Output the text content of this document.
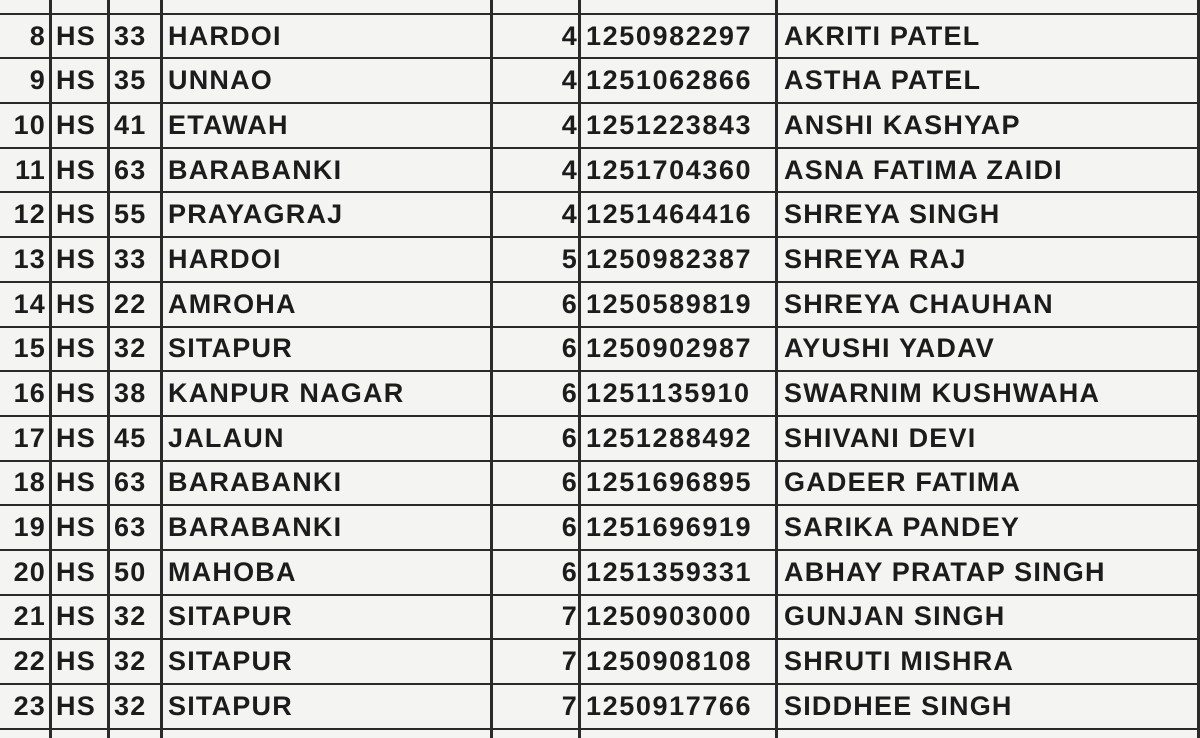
8 HS 33 HARDOI	4 1250982297	AKRITI PATEL
9 HS 35 UNNAO	4 1251062866	ASTHA PATEL
10 HS 41 ETAWAH	4 1251223843	ANSHI KASHYAP
11 HS 63 BARABANKI	4 1251704360	ASNA FATIMA ZAIDI
12 HS 55 PRAYAGRAJ	4 1251464416	SHREYA SINGH
13 HS 33 HARDOI	5 1250982387	SHREYA RAJ
14 HS 22 AMROHA	6 1250589819	SHREYA CHAUHAN
15 HS 32 SITAPUR	6 1250902987	AYUSHI YADAV
16 HS 38 KANPUR NAGAR	6 1251135910	SWARNIM KUSHWAHA
17 HS 45 JALAUN	6 1251288492	SHIVANI DEVI
18 HS 63 BARABANKI	6 1251696895	GADEER FATIMA
19 HS 63 BARABANKI	6 1251696919	SARIKA PANDEY
20 HS 50 MAHOBA	6 1251359331	ABHAY PRATAP SINGH
21 HS 32 SITAPUR	7 1250903000	GUNJAN SINGH
22 HS 32 SITAPUR	7 1250908108	SHRUTI MISHRA
23 HS 32 SITAPUR	7 1250917766	SIDDHEE SINGH
